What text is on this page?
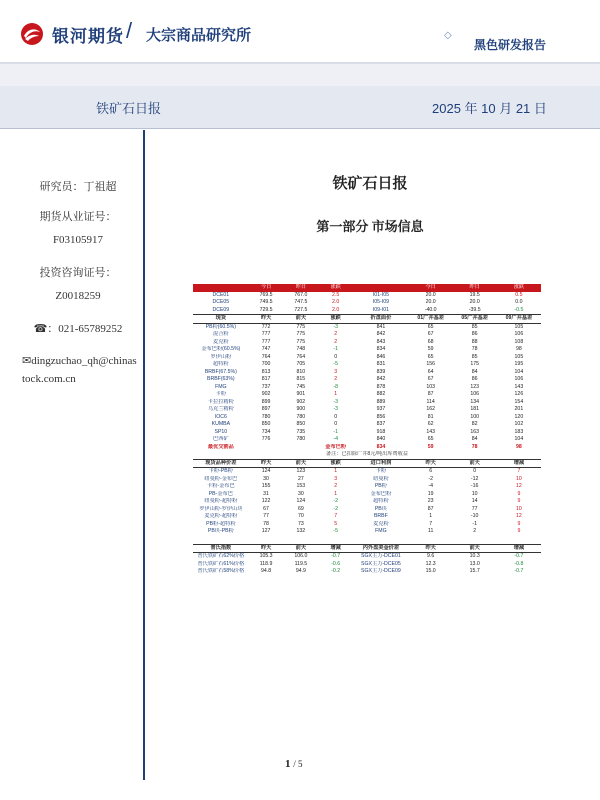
银河期货 / 大宗商品研究所	◇
黑色研发报告
铁矿石日报	2025 年 10 月 21 日
研究员：丁祖超
期货从业证号：
F03105917
投资咨询证号：
Z0018259
☎：021-65789252
✉dingzuchao_qh@chinastock.com.cn
铁矿石日报
第一部分 市场信息
	今日	昨日	涨跌		今日	昨日	涨跌
DCE01	769.5	767.0	2.5	I01-I05	20.0	19.5	0.5
DCE05	749.5	747.5	2.0	I05-I09	20.0	20.0	0.0
DCE09	729.5	727.5	2.0	I09-I01	-40.0	-39.5	-0.5
现货	昨天	前天	涨跌	折盘面价	01广井基差	05广井基差	09广井基差
PB粉(60.5%)	772	775	-3	841	65	85	105
混合粉	777	775	2	842	67	86	106
麦克粉	777	775	2	843	68	88	108
金布巴粉(60.5%)	747	748	-1	834	59	78	98
罗伊山粉	764	764	0	846	65	85	105
超特粉	700	705	-5	831	156	175	195
BRBF(67.5%)	813	810	3	839	64	84	104
BRBF(63%)	817	815	2	842	67	86	106
FMG	737	745	-8	878	103	123	143
卡粉	902	901	1	882	87	106	126
卡拉拉精粉	899	902	-3	889	114	134	154
乌克兰精粉	897	900	-3	937	162	181	201
IOC6	780	780	0	856	81	100	120
KUMBA	850	850	0	837	62	82	102
SP10	734	735	-1	918	143	163	183
巴西矿	776	780	-4	840	65	84	104
最优交割品			金布巴粉	834	59	78	98
备注：已扣除广井8元/吨出库费收益							
现货品种价差	昨天	前天	涨跌	进口利润	昨天	前天	增减
卡粉-PB粉	124	123	1	卡粉	6	0	7
纽曼粉-金布巴	30	27	3	纽曼粉	-2	-12	10
卡粉-金布巴	155	153	2	PB粉	-4	-16	12
PB-金布巴	31	30	1	金布巴粉	19	10	9
纽曼粉-超特粉	122	124	-2	超特粉	23	14	9
罗伊山粉-罗伊山块	67	69	-2	PB块	87	77	10
麦克粉-超特粉	77	70	7	BRBF	1	-10	12
PB粉-超特粉	78	73	5	麦克粉	7	-1	9
PB块-PB粉	127	132	-5	FMG	11	2	9

普氏指数	昨天	前天	增减	内外盘美金价差	昨天	前天	增减
普氏铁矿石62%价格	105.3	106.0	-0.7	SGX主力-DCE01	9.6	10.3	-0.7
普氏铁矿石61%价格	118.9	119.5	-0.6	SGX主力-DCE05	12.3	13.0	-0.8
普氏铁矿石58%价格	94.8	94.9	-0.2	SGX主力-DCE09	15.0	15.7	-0.7
1 / 5
